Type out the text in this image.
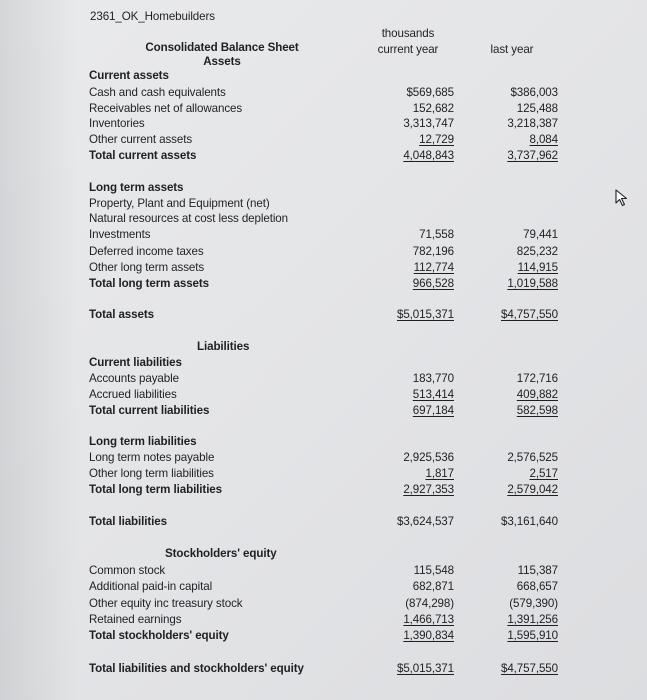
2361_OK_Homebuilders
Consolidated Balance Sheet
Assets
thousands
current year	last year
Current assets
Cash and cash equivalents	$569,685	$386,003
Receivables net of allowances	152,682	125,488
Inventories	3,313,747	3,218,387
Other current assets	12,729	8,084
Total current assets	4,048,843	3,737,962
Long term assets
Property, Plant and Equipment (net)
Natural resources at cost less depletion
Investments	71,558	79,441
Deferred income taxes	782,196	825,232
Other long term assets	112,774	114,915
Total long term assets	966,528	1,019,588
Total assets	$5,015,371	$4,757,550
Liabilities
Current liabilities
Accounts payable	183,770	172,716
Accrued liabilities	513,414	409,882
Total current liabilities	697,184	582,598
Long term liabilities
Long term notes payable	2,925,536	2,576,525
Other long term liabilities	1,817	2,517
Total long term liabilities	2,927,353	2,579,042
Total liabilities	$3,624,537	$3,161,640
Stockholders' equity
Common stock	115,548	115,387
Additional paid-in capital	682,871	668,657
Other equity inc treasury stock	(874,298)	(579,390)
Retained earnings	1,466,713	1,391,256
Total stockholders' equity	1,390,834	1,595,910
Total liabilities and stockholders' equity	$5,015,371	$4,757,550
